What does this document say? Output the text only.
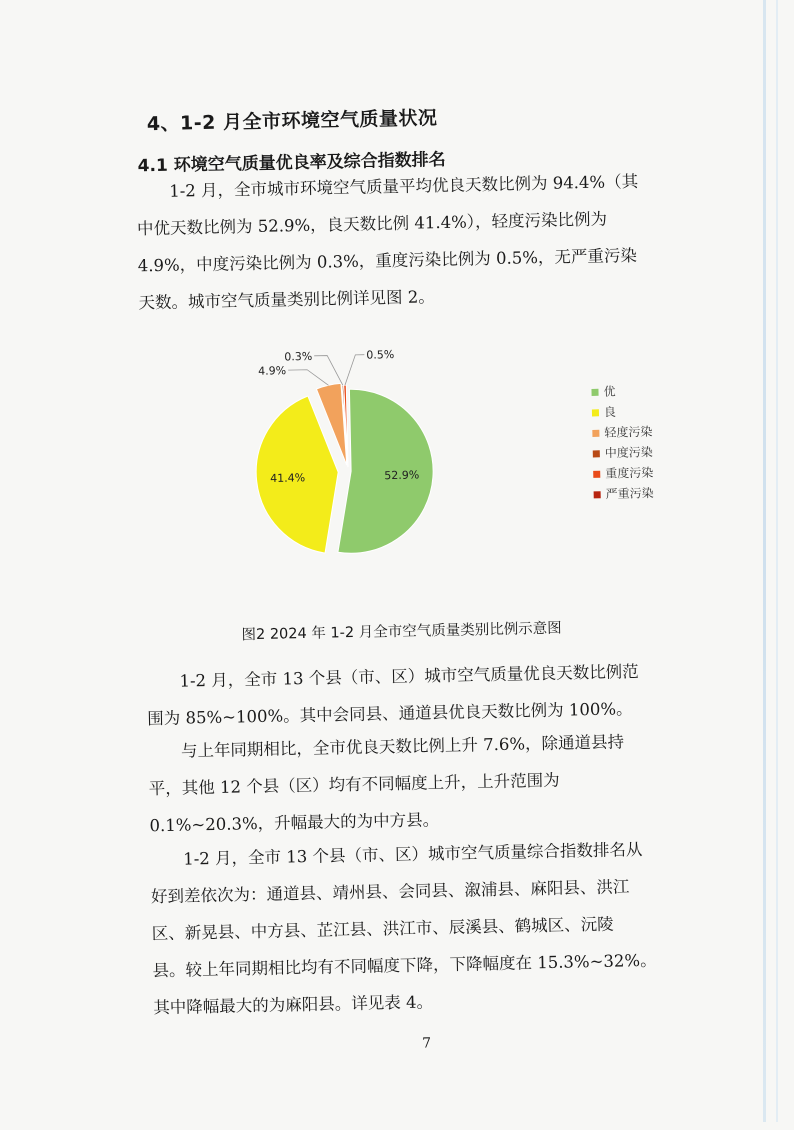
4、1-2 月全市环境空气质量状况
4.1 环境空气质量优良率及综合指数排名
1-2 月，全市城市环境空气质量平均优良天数比例为 94.4%（其
中优天数比例为 52.9%，良天数比例 41.4%），轻度污染比例为
4.9%，中度污染比例为 0.3%，重度污染比例为 0.5%，无严重污染
天数。城市空气质量类别比例详见图 2。
52.9%
41.4%
4.9%
0.3%	0.5%
优
良
轻度污染
中度污染
重度污染
严重污染
图2 2024 年 1-2 月全市空气质量类别比例示意图
1-2 月，全市 13 个县（市、区）城市空气质量优良天数比例范
围为 85%~100%。其中会同县、通道县优良天数比例为 100%。
与上年同期相比，全市优良天数比例上升 7.6%，除通道县持
平，其他 12 个县（区）均有不同幅度上升，上升范围为
0.1%~20.3%，升幅最大的为中方县。
1-2 月，全市 13 个县（市、区）城市空气质量综合指数排名从
好到差依次为：通道县、靖州县、会同县、溆浦县、麻阳县、洪江
区、新晃县、中方县、芷江县、洪江市、辰溪县、鹤城区、沅陵
县。较上年同期相比均有不同幅度下降，下降幅度在 15.3%~32%。
其中降幅最大的为麻阳县。详见表 4。
7
